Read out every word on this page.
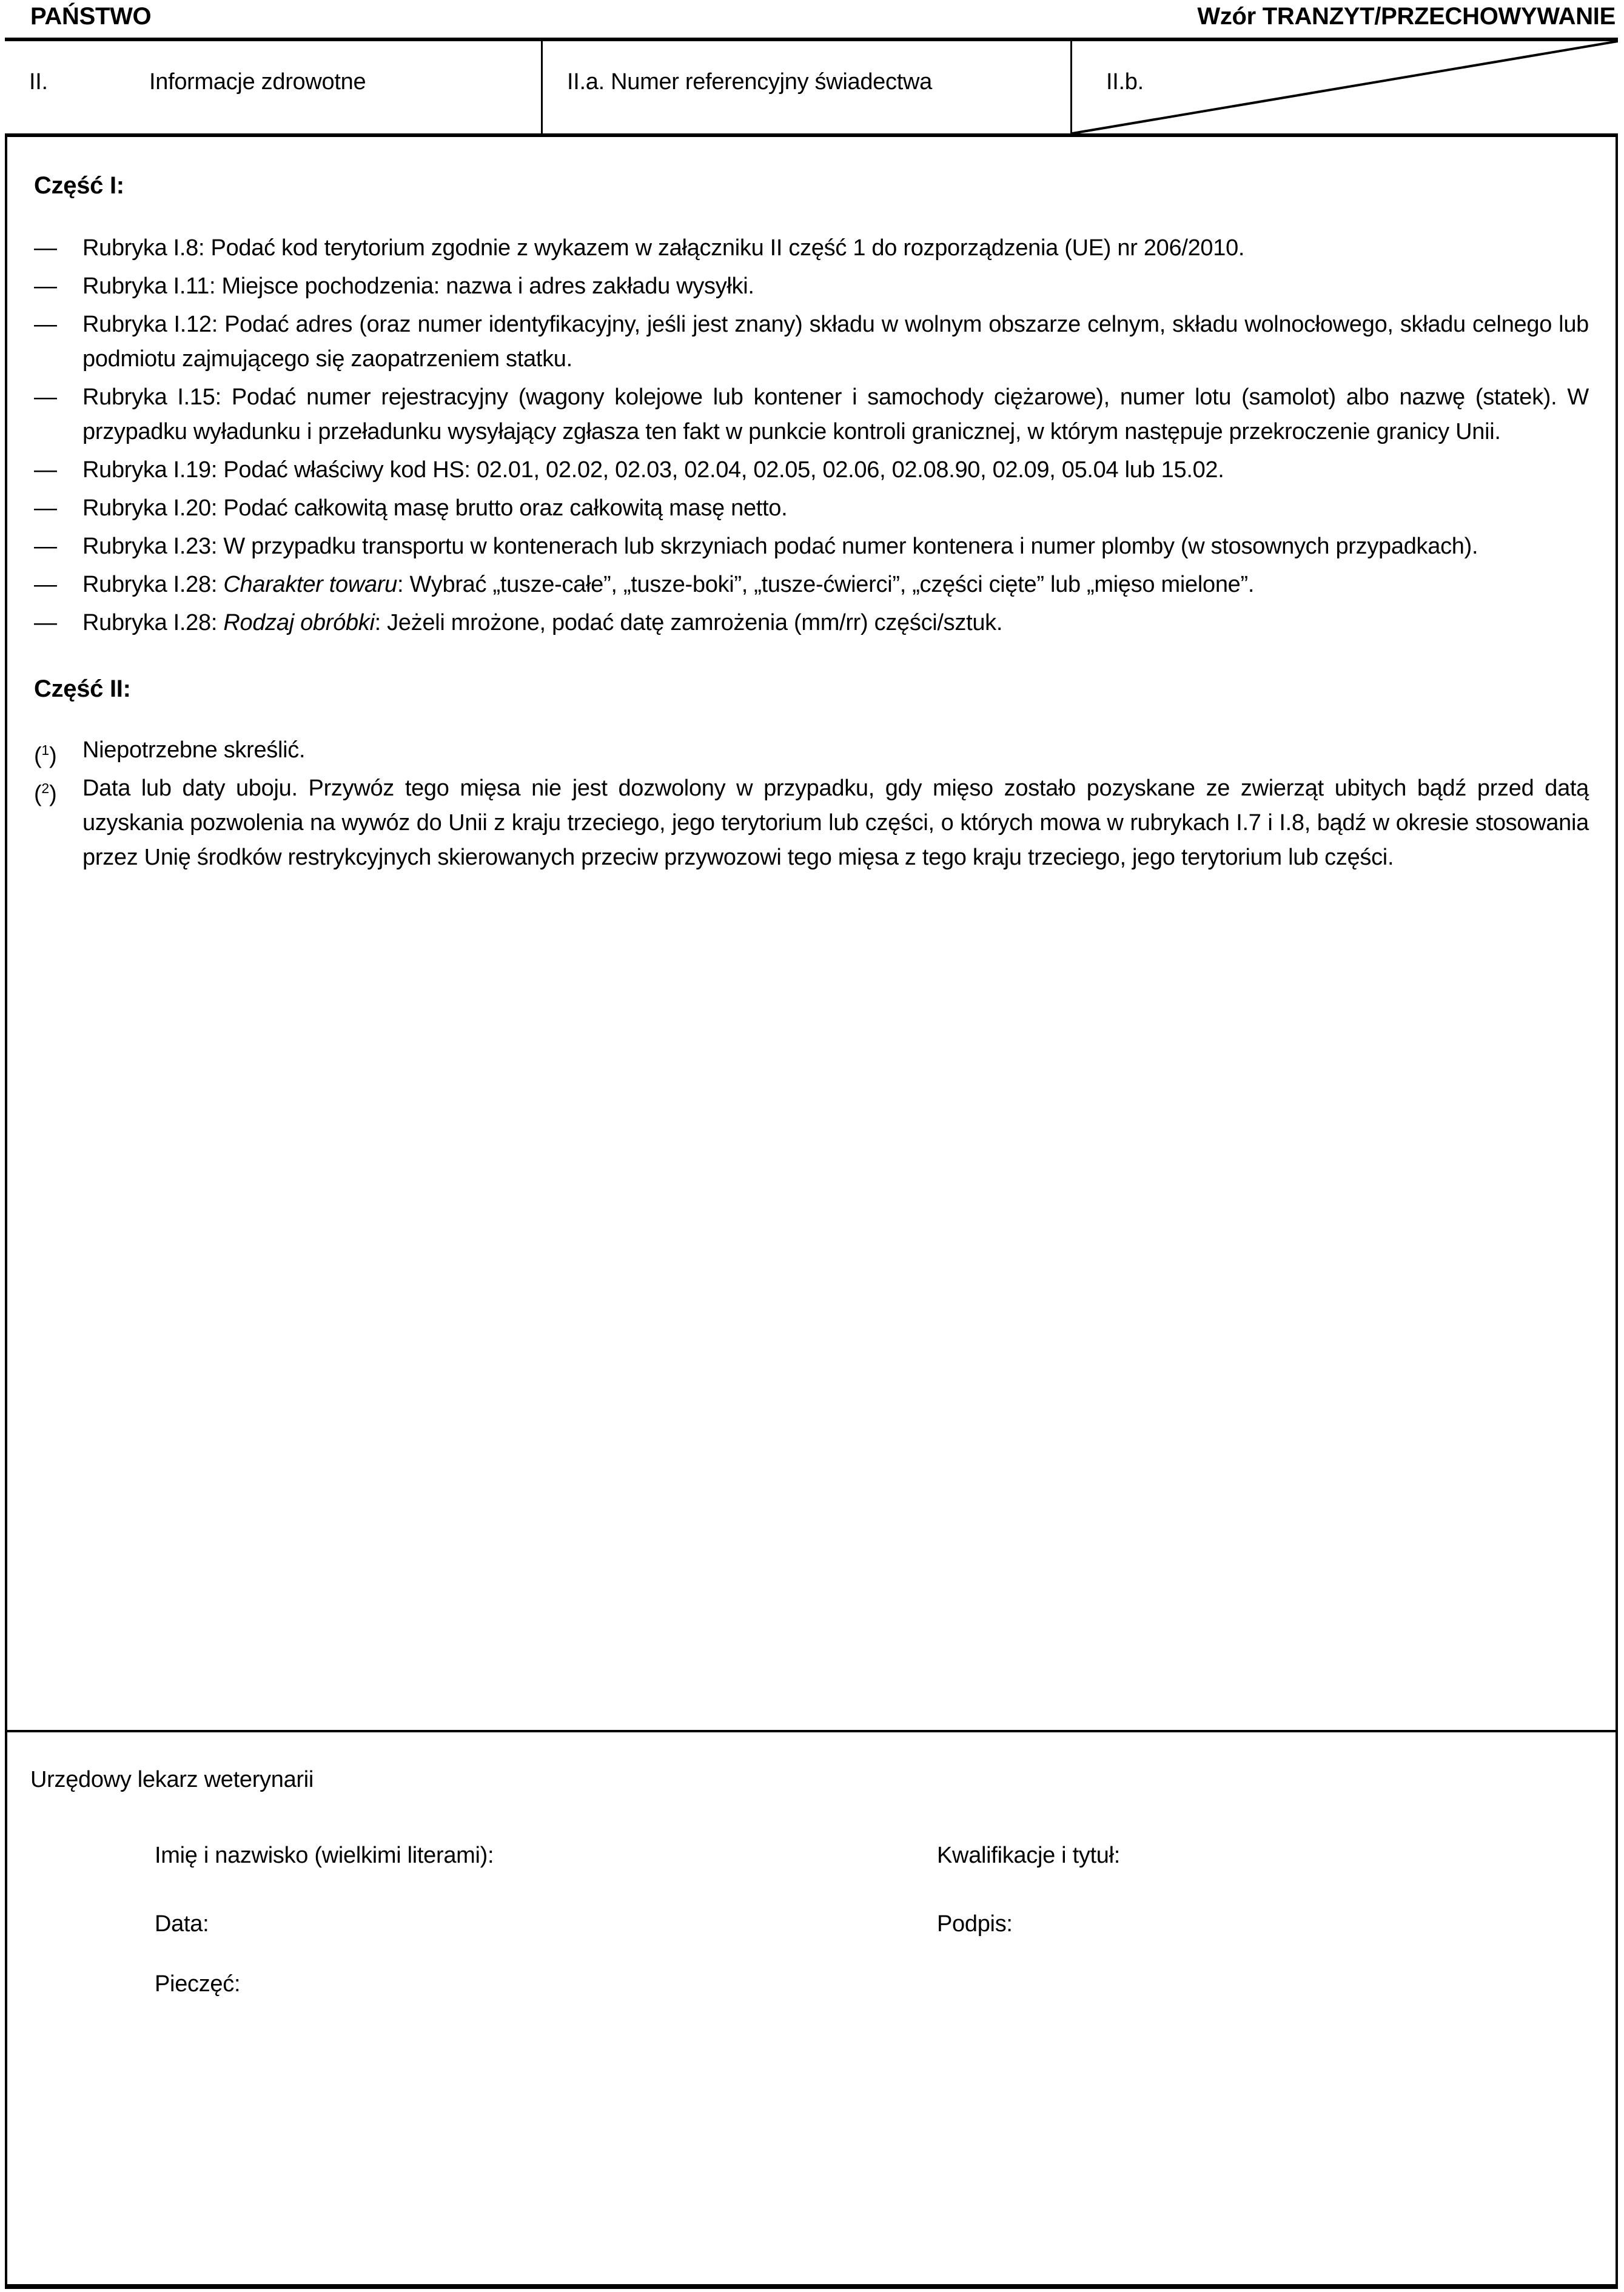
PAŃSTWO	Wzór TRANZYT/PRZECHOWYWANIE
II.	Informacje zdrowotne	II.a. Numer referencyjny świadectwa	II.b.
Część I:
— Rubryka I.8: Podać kod terytorium zgodnie z wykazem w załączniku II część 1 do rozporządzenia (UE) nr 206/2010.
— Rubryka I.11: Miejsce pochodzenia: nazwa i adres zakładu wysyłki.
— Rubryka I.12: Podać adres (oraz numer identyfikacyjny, jeśli jest znany) składu w wolnym obszarze celnym, składu wolnocłowego, składu celnego lub podmiotu zajmującego się zaopatrzeniem statku.
— Rubryka I.15: Podać numer rejestracyjny (wagony kolejowe lub kontener i samochody ciężarowe), numer lotu (samolot) albo nazwę (statek). W przypadku wyładunku i przeładunku wysyłający zgłasza ten fakt w punkcie kontroli granicznej, w którym następuje przekroczenie granicy Unii.
— Rubryka I.19: Podać właściwy kod HS: 02.01, 02.02, 02.03, 02.04, 02.05, 02.06, 02.08.90, 02.09, 05.04 lub 15.02.
— Rubryka I.20: Podać całkowitą masę brutto oraz całkowitą masę netto.
— Rubryka I.23: W przypadku transportu w kontenerach lub skrzyniach podać numer kontenera i numer plomby (w stosownych przypadkach).
— Rubryka I.28: Charakter towaru: Wybrać „tusze-całe”, „tusze-boki”, „tusze-ćwierci”, „części cięte” lub „mięso mielone”.
— Rubryka I.28: Rodzaj obróbki: Jeżeli mrożone, podać datę zamrożenia (mm/rr) części/sztuk.
Część II:
($^1$) Niepotrzebne skreślić.
($^2$) Data lub daty uboju. Przywóz tego mięsa nie jest dozwolony w przypadku, gdy mięso zostało pozyskane ze zwierząt ubitych bądź przed datą uzyskania pozwolenia na wywóz do Unii z kraju trzeciego, jego terytorium lub części, o których mowa w rubrykach I.7 i I.8, bądź w okresie stosowania przez Unię środków restrykcyjnych skierowanych przeciw przywozowi tego mięsa z tego kraju trzeciego, jego terytorium lub części.
Urzędowy lekarz weterynarii
Imię i nazwisko (wielkimi literami):	Kwalifikacje i tytuł:
Data:	Podpis:
Pieczęć:
